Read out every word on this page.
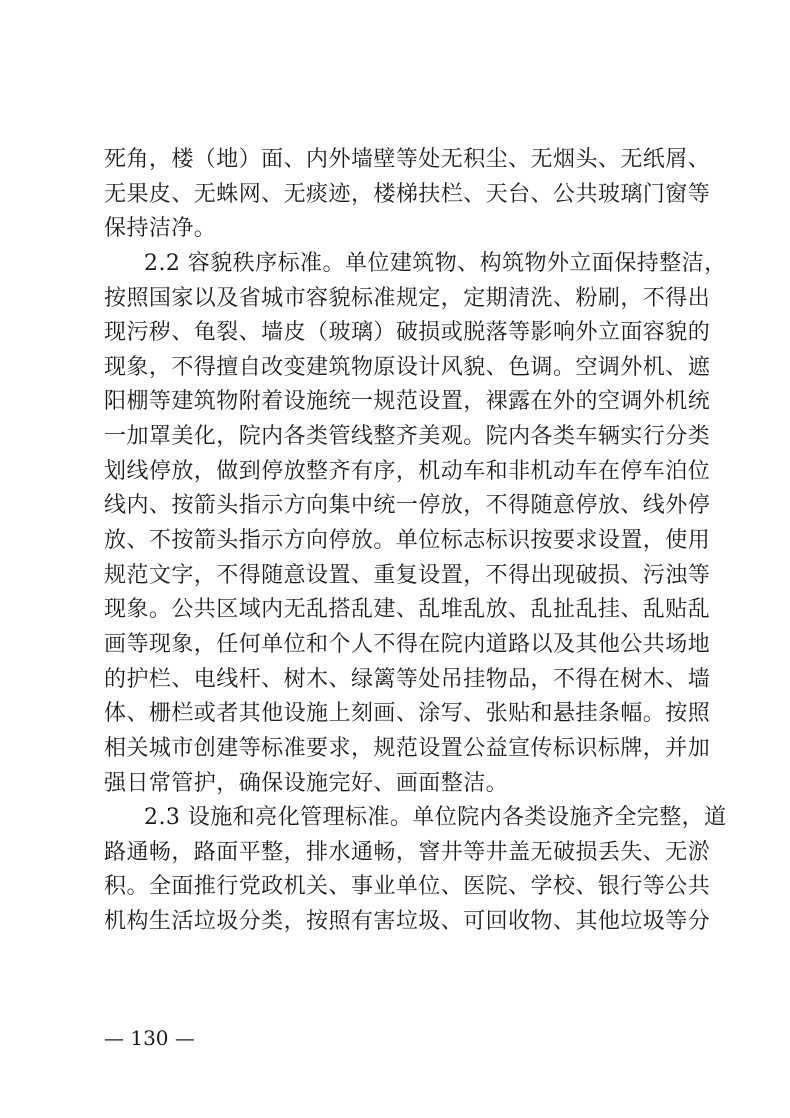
死角，楼（地）面、内外墙壁等处无积尘、无烟头、无纸屑、
无果皮、无蛛网、无痰迹，楼梯扶栏、天台、公共玻璃门窗等
保持洁净。
2.2 容貌秩序标准。单位建筑物、构筑物外立面保持整洁，
按照国家以及省城市容貌标准规定，定期清洗、粉刷，不得出
现污秽、龟裂、墙皮（玻璃）破损或脱落等影响外立面容貌的
现象，不得擅自改变建筑物原设计风貌、色调。空调外机、遮
阳棚等建筑物附着设施统一规范设置，裸露在外的空调外机统
一加罩美化，院内各类管线整齐美观。院内各类车辆实行分类
划线停放，做到停放整齐有序，机动车和非机动车在停车泊位
线内、按箭头指示方向集中统一停放，不得随意停放、线外停
放、不按箭头指示方向停放。单位标志标识按要求设置，使用
规范文字，不得随意设置、重复设置，不得出现破损、污浊等
现象。公共区域内无乱搭乱建、乱堆乱放、乱扯乱挂、乱贴乱
画等现象，任何单位和个人不得在院内道路以及其他公共场地
的护栏、电线杆、树木、绿篱等处吊挂物品，不得在树木、墙
体、栅栏或者其他设施上刻画、涂写、张贴和悬挂条幅。按照
相关城市创建等标准要求，规范设置公益宣传标识标牌，并加
强日常管护，确保设施完好、画面整洁。
2.3 设施和亮化管理标准。单位院内各类设施齐全完整，道
路通畅，路面平整，排水通畅，窨井等井盖无破损丢失、无淤
积。全面推行党政机关、事业单位、医院、学校、银行等公共
机构生活垃圾分类，按照有害垃圾、可回收物、其他垃圾等分
— 130 —
